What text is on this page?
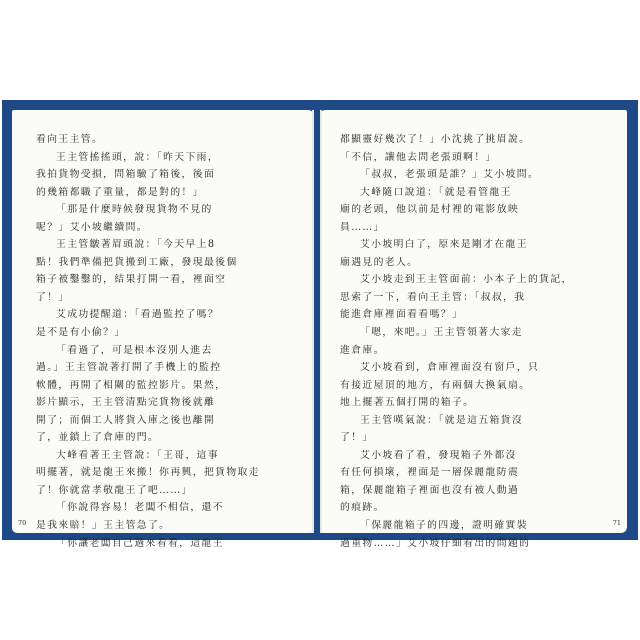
看向王主管。
王主管搖搖頭，說：「昨天下雨，
我拍貨物受損，問箱驗了箱後，後面
的幾箱都職了重量，都是對的！」
「那是什麼時候發現貨物不見的
呢？」艾小坡繼續問。
王主管皺著眉頭說：「今天早上8
點！我們準備把貨搬到工廠，發現最後個
箱子被鑿鑿的，結果打開一看，裡面空
了！」
艾成功提醒道：「看過監控了嗎？
是不是有小偷？」
「看過了，可是根本沒別人進去
過。」王主管說著打開了手機上的監控
軟體，再開了相關的監控影片。果然，
影片顯示，王主管清點完貨物後就離
開了；而個工人將貨入庫之後也離開
了，並鎖上了倉庫的門。
大峰看著王主管說：「王哥，這事
明擺著，就是龍王來搬！你再興，把貨物取走
了！你就當孝敬龍王了吧……」
「你說得容易！老闆不相信，還不
是我來賠！」王主管急了。
「你讓老闆自己過來看看，這龍王
70
都顯靈好幾次了！」小沈挑了挑眉說。
「不信，讓他去問老張頭啊！」
「叔叔，老張頭是誰？」艾小坡問。
大峰隨口說道：「就是看管龍王
廟的老頭，他以前是村裡的電影放映
員……」
艾小坡明白了，原來是剛才在龍王
廟遇見的老人。
艾小坡走到王主管面前：小本子上的貨記，
思索了一下，看向王主管：「叔叔，我
能進倉庫裡面看看嗎？」
「嗯，來吧。」王主管領著大家走
進倉庫。
艾小坡看到，倉庫裡面沒有窗戶，只
有接近屋頂的地方，有兩個大換氣扇。
地上擺著五個打開的箱子。
王主管嘆氣說：「就是這五箱貨沒
了！」
艾小坡看了看，發現箱子外都沒
有任何損壞，裡面是一層保麗龍防震
箱，保麗龍箱子裡面也沒有被人動過
的痕跡。
「保麗龍箱子的四邊，證明確實裝
過重物……」艾小坡仔細看出的問題的
71
